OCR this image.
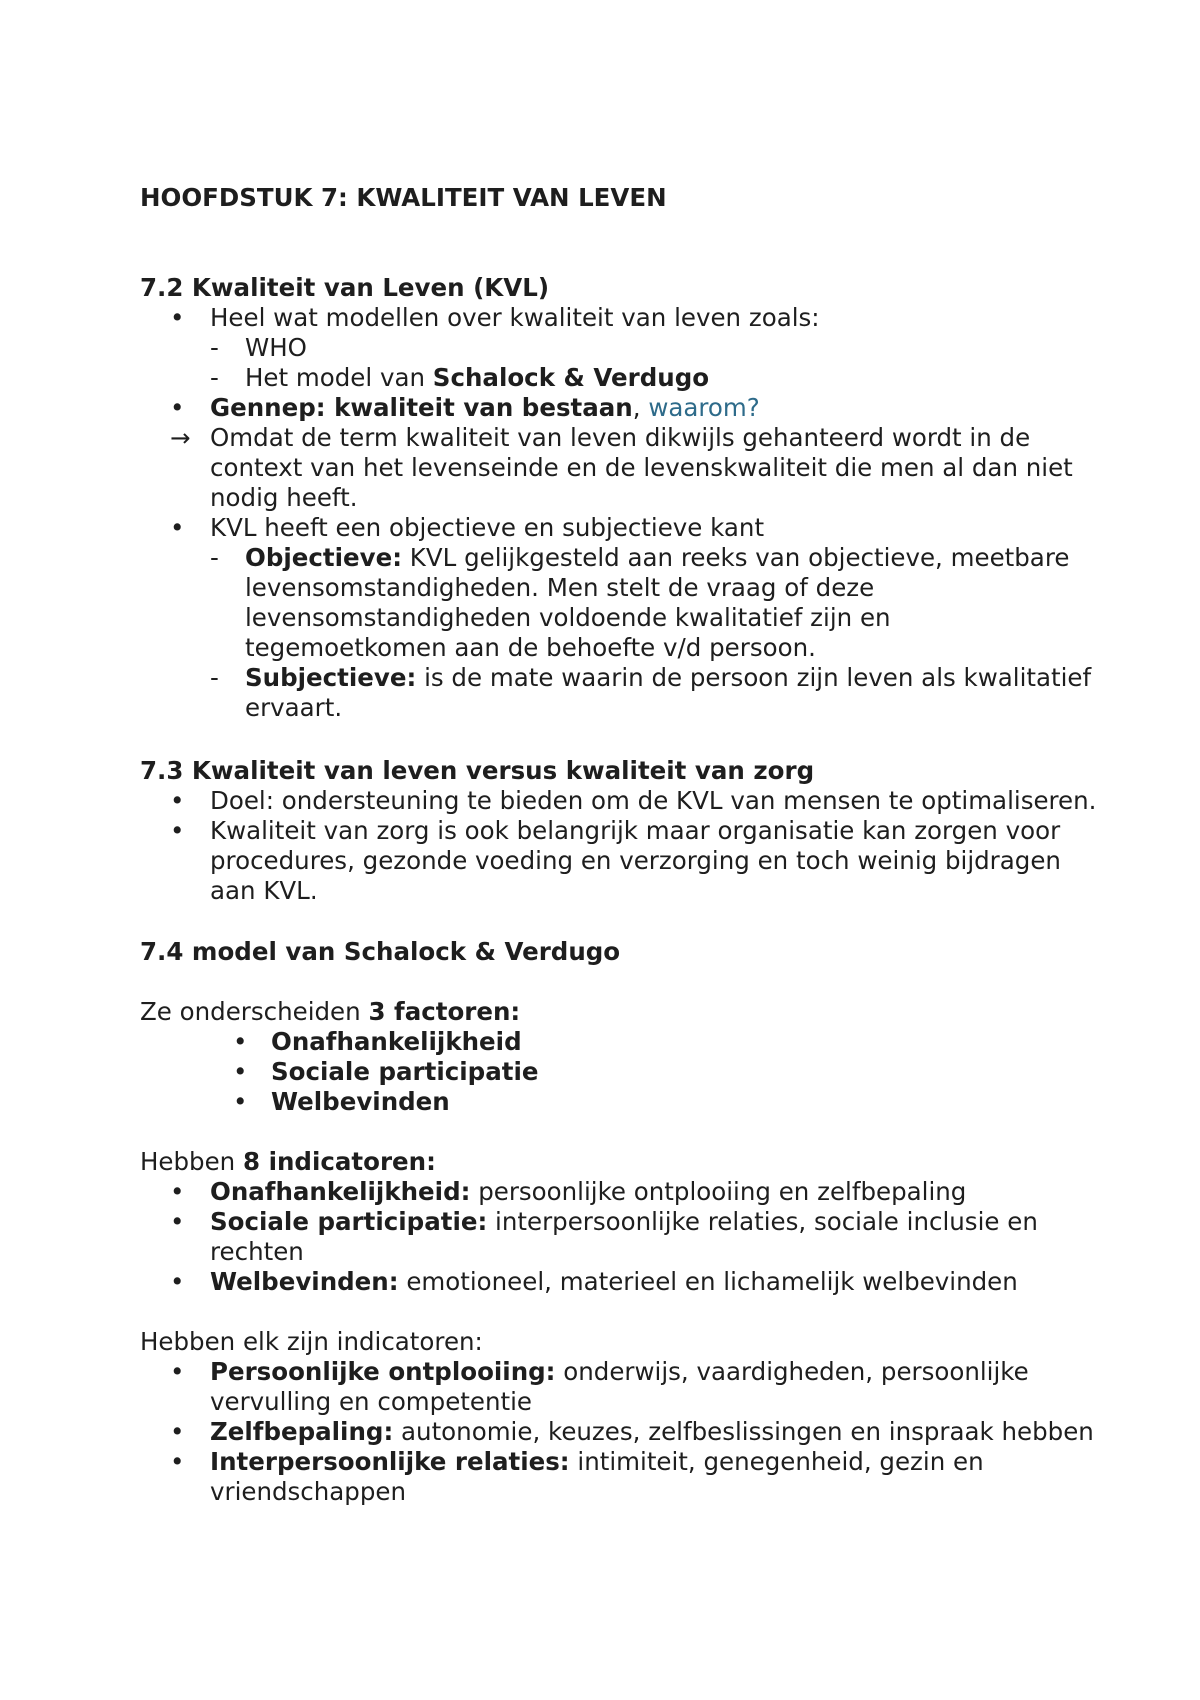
HOOFDSTUK 7: KWALITEIT VAN LEVEN
7.2 Kwaliteit van Leven (KVL)
• Heel wat modellen over kwaliteit van leven zoals:
- WHO
- Het model van Schalock & Verdugo
• Gennep: kwaliteit van bestaan, waarom?
→ Omdat de term kwaliteit van leven dikwijls gehanteerd wordt in de
context van het levenseinde en de levenskwaliteit die men al dan niet
nodig heeft.
• KVL heeft een objectieve en subjectieve kant
- Objectieve: KVL gelijkgesteld aan reeks van objectieve, meetbare
levensomstandigheden. Men stelt de vraag of deze
levensomstandigheden voldoende kwalitatief zijn en
tegemoetkomen aan de behoefte v/d persoon.
- Subjectieve: is de mate waarin de persoon zijn leven als kwalitatief
ervaart.
7.3 Kwaliteit van leven versus kwaliteit van zorg
• Doel: ondersteuning te bieden om de KVL van mensen te optimaliseren.
• Kwaliteit van zorg is ook belangrijk maar organisatie kan zorgen voor
procedures, gezonde voeding en verzorging en toch weinig bijdragen
aan KVL.
7.4 model van Schalock & Verdugo
Ze onderscheiden 3 factoren:
• Onafhankelijkheid
• Sociale participatie
• Welbevinden
Hebben 8 indicatoren:
• Onafhankelijkheid: persoonlijke ontplooiing en zelfbepaling
• Sociale participatie: interpersoonlijke relaties, sociale inclusie en
rechten
• Welbevinden: emotioneel, materieel en lichamelijk welbevinden
Hebben elk zijn indicatoren:
• Persoonlijke ontplooiing: onderwijs, vaardigheden, persoonlijke
vervulling en competentie
• Zelfbepaling: autonomie, keuzes, zelfbeslissingen en inspraak hebben
• Interpersoonlijke relaties: intimiteit, genegenheid, gezin en
vriendschappen
